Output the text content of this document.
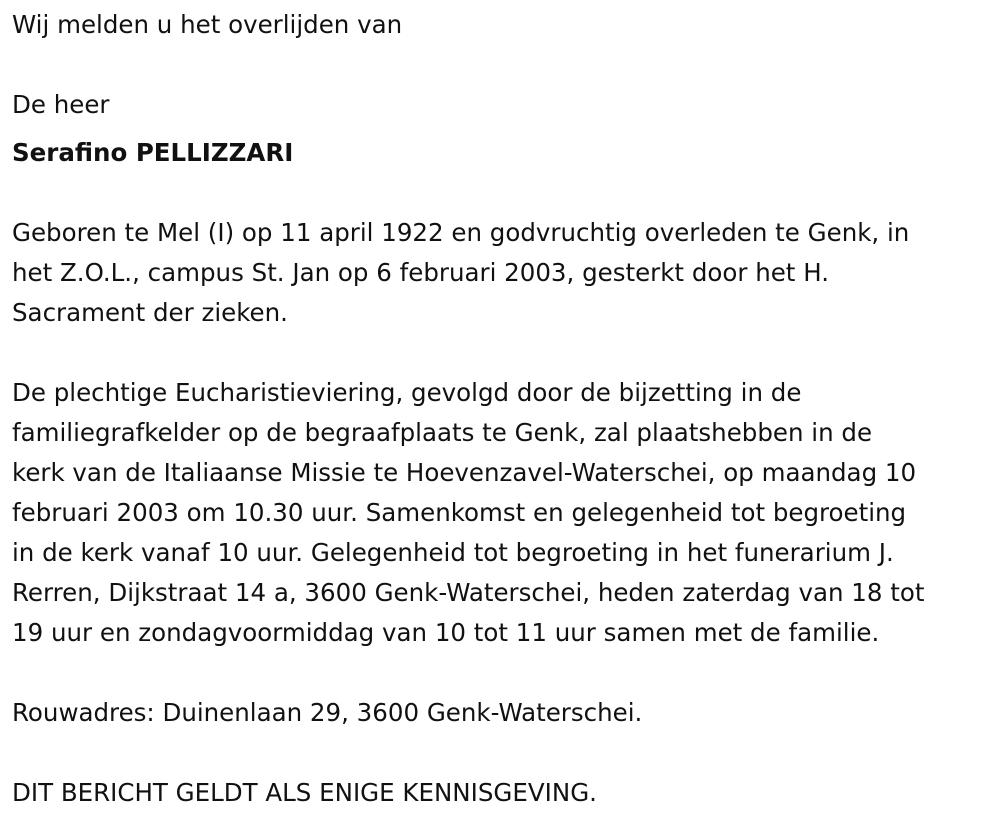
Wij melden u het overlijden van

De heer

Serafino PELLIZZARI

Geboren te Mel (I) op 11 april 1922 en godvruchtig overleden te Genk, in

het Z.O.L., campus St. Jan op 6 februari 2003, gesterkt door het H.

Sacrament der zieken.

De plechtige Eucharistieviering, gevolgd door de bijzetting in de

familiegrafkelder op de begraafplaats te Genk, zal plaatshebben in de

kerk van de Italiaanse Missie te Hoevenzavel-Waterschei, op maandag 10

februari 2003 om 10.30 uur. Samenkomst en gelegenheid tot begroeting

in de kerk vanaf 10 uur. Gelegenheid tot begroeting in het funerarium J.

Rerren, Dijkstraat 14 a, 3600 Genk-Waterschei, heden zaterdag van 18 tot

19 uur en zondagvoormiddag van 10 tot 11 uur samen met de familie.

Rouwadres: Duinenlaan 29, 3600 Genk-Waterschei.

DIT BERICHT GELDT ALS ENIGE KENNISGEVING.
